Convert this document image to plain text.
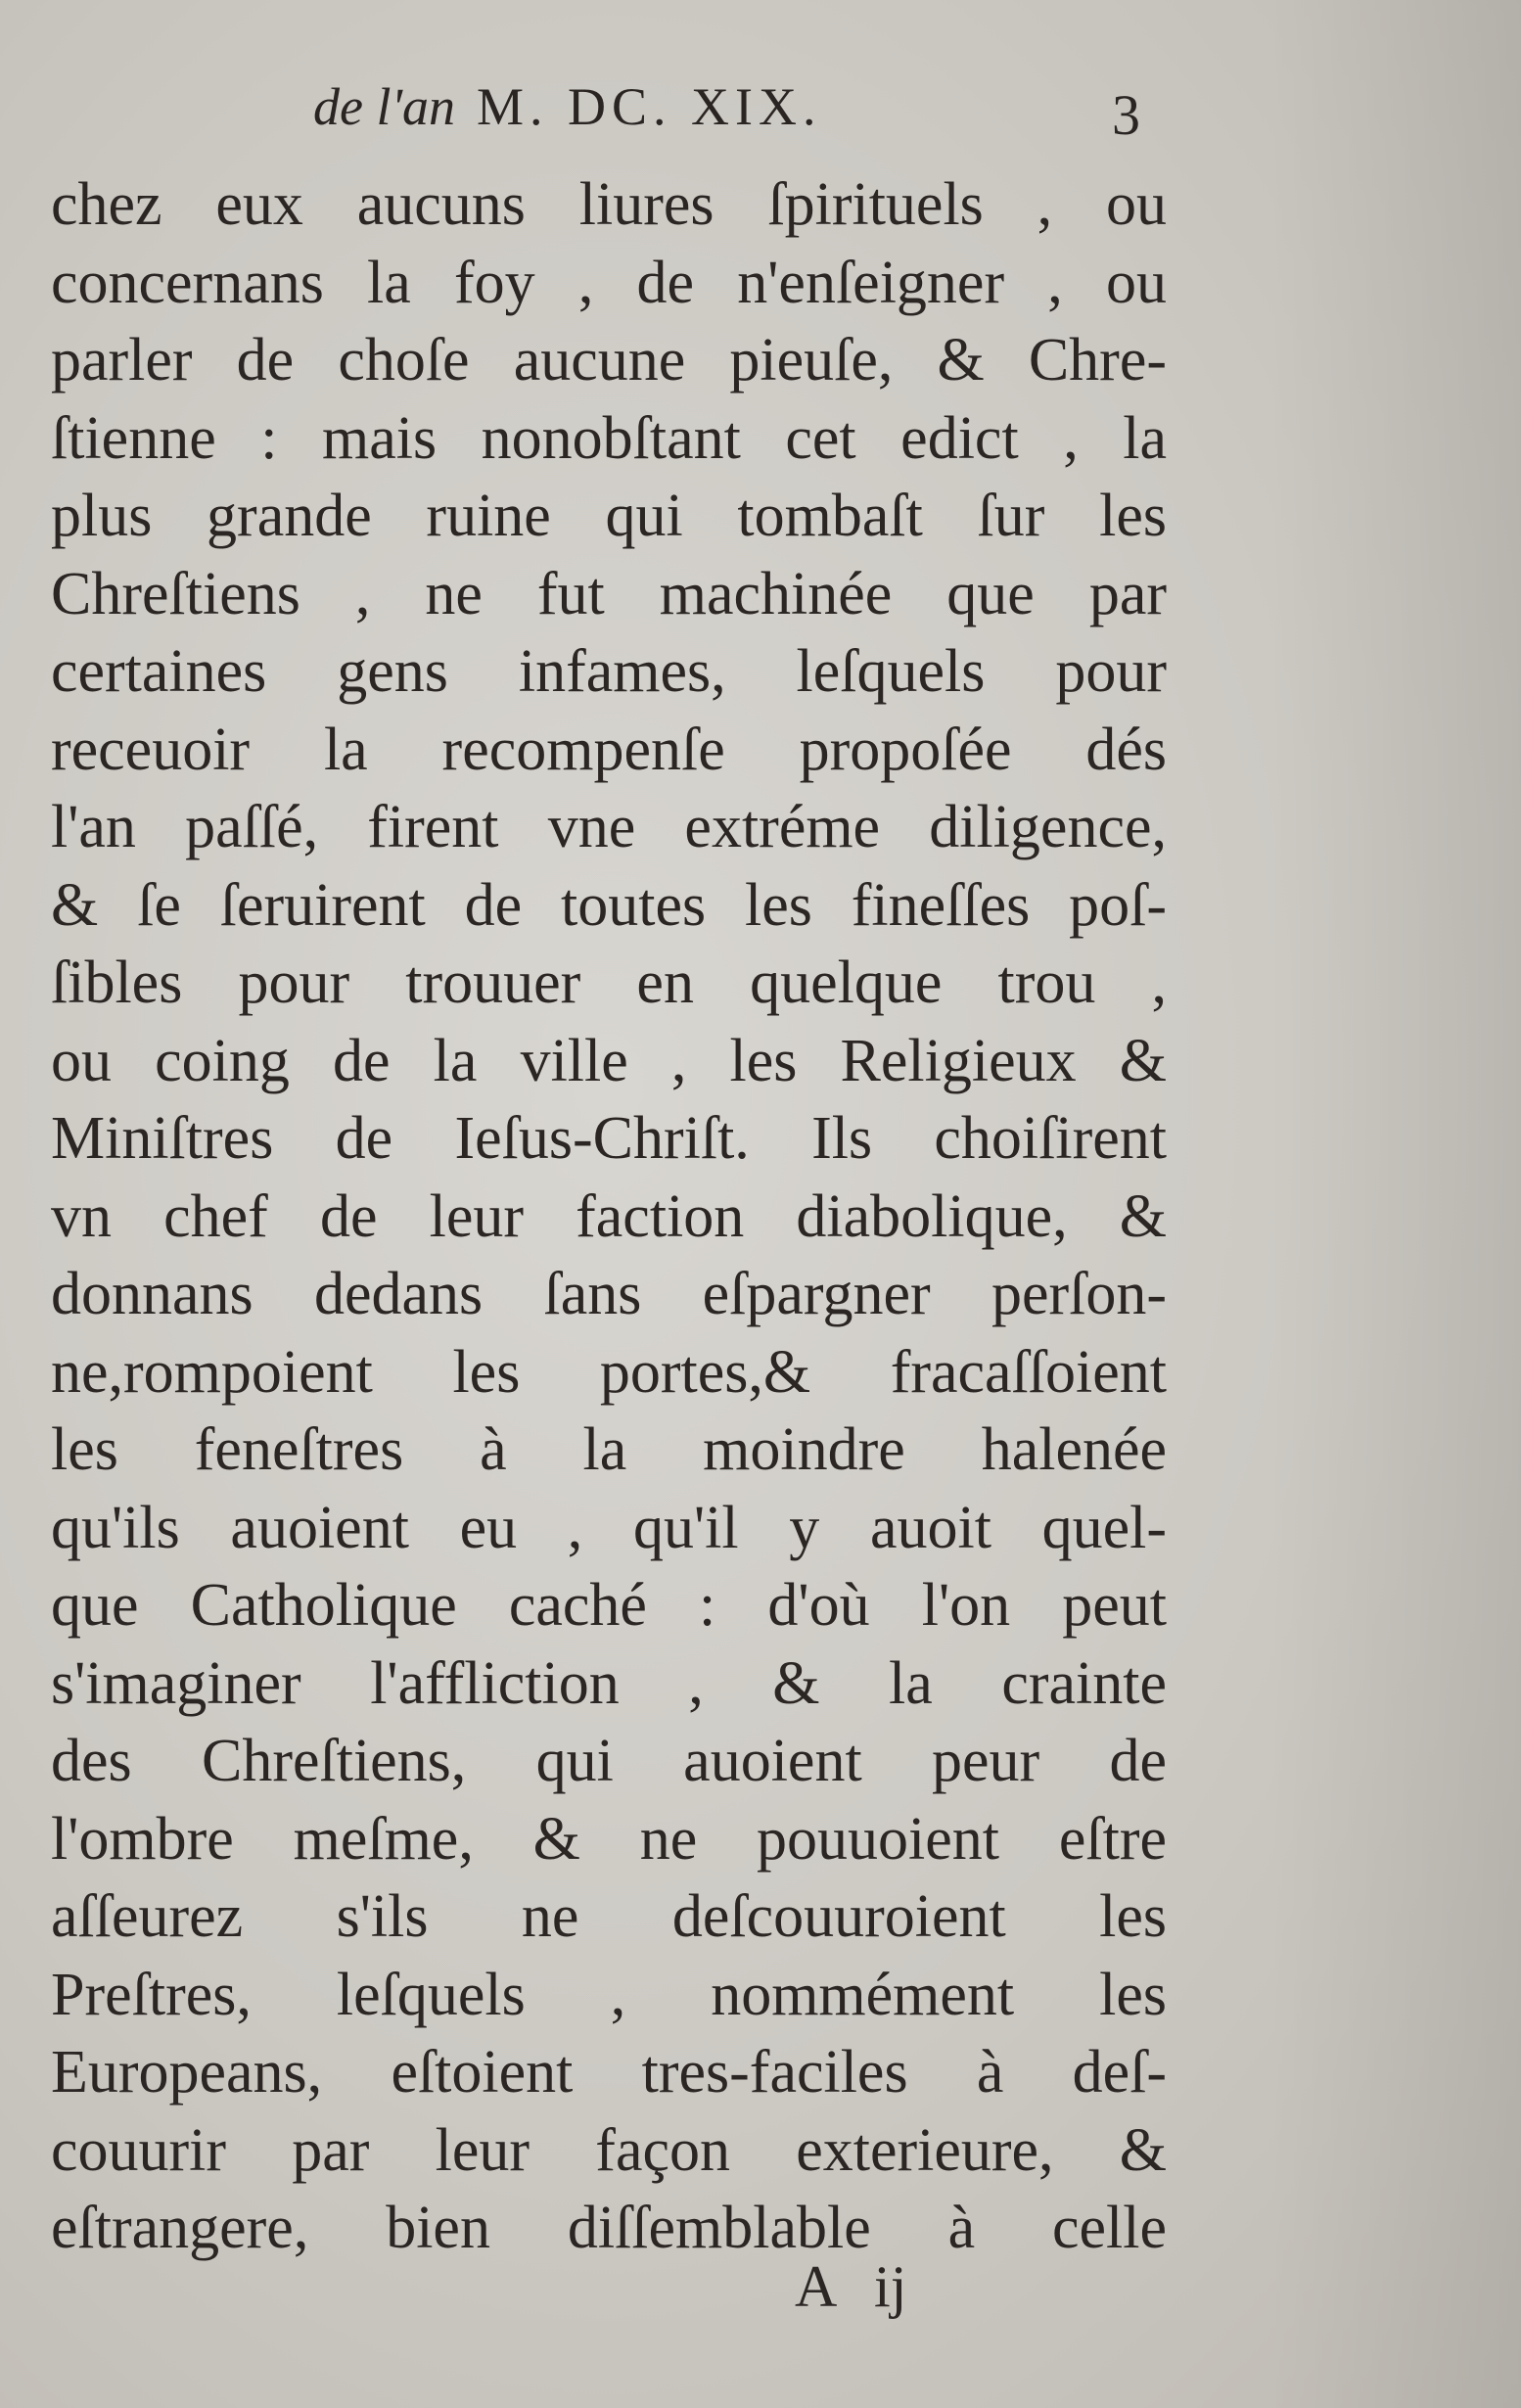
de l'an M. DC. XIX.	3
chez eux aucuns liures ſpirituels , ou
concernans la foy , de n'enſeigner , ou
parler de choſe aucune pieuſe, & Chre-
ſtienne : mais nonobſtant cet edict , la
plus grande ruine qui tombaſt ſur les
Chreſtiens , ne fut machinée que par
certaines gens infames, leſquels pour
receuoir la recompenſe propoſée dés
l'an paſſé, firent vne extréme diligence,
& ſe ſeruirent de toutes les fineſſes poſ-
ſibles pour trouuer en quelque trou ,
ou coing de la ville , les Religieux &
Miniſtres de Ieſus-Chriſt. Ils choiſirent
vn chef de leur faction diabolique, &
donnans dedans ſans eſpargner perſon-
ne,rompoient les portes,& fracaſſoient
les feneſtres à la moindre halenée
qu'ils auoient eu , qu'il y auoit quel-
que Catholique caché : d'où l'on peut
s'imaginer l'affliction , & la crainte
des Chreſtiens, qui auoient peur de
l'ombre meſme, & ne pouuoient eſtre
aſſeurez s'ils ne deſcouuroient les
Preſtres, leſquels , nommément les
Europeans, eſtoient tres-faciles à deſ-
couurir par leur façon exterieure, &
eſtrangere, bien diſſemblable à celle
A ij
